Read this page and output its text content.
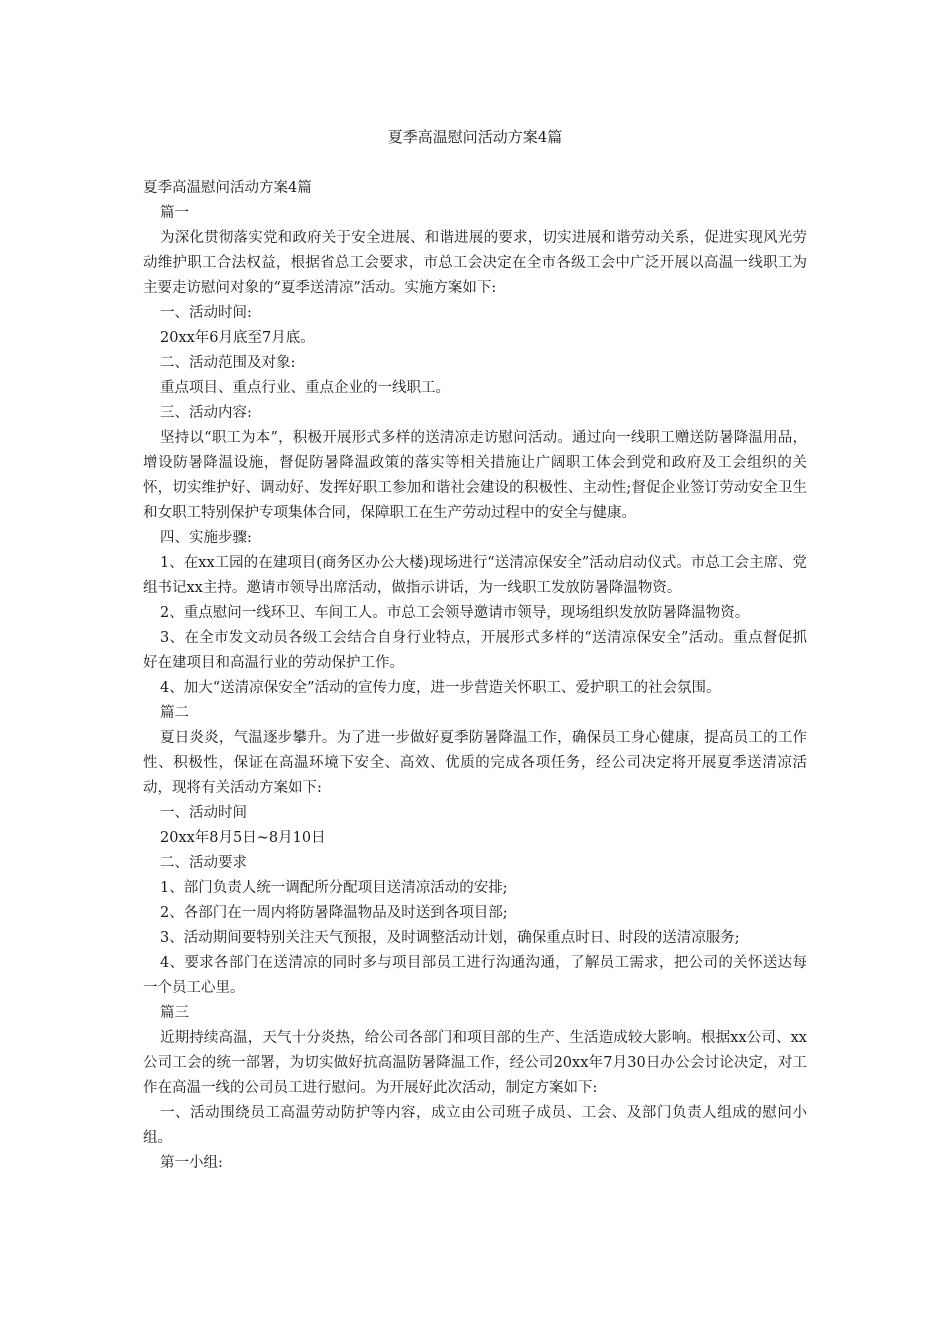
夏季高温慰问活动方案4篇

夏季高温慰问活动方案4篇

篇一

为深化贯彻落实党和政府关于安全进展、和谐进展的要求，切实进展和谐劳动关系，促进实现风光劳动维护职工合法权益，根据省总工会要求，市总工会决定在全市各级工会中广泛开展以高温一线职工为主要走访慰问对象的“夏季送清凉”活动。实施方案如下:

一、活动时间:

20xx年6月底至7月底。

二、活动范围及对象:

重点项目、重点行业、重点企业的一线职工。

三、活动内容:

坚持以“职工为本”，积极开展形式多样的送清凉走访慰问活动。通过向一线职工赠送防暑降温用品，增设防暑降温设施，督促防暑降温政策的落实等相关措施让广阔职工体会到党和政府及工会组织的关怀，切实维护好、调动好、发挥好职工参加和谐社会建设的积极性、主动性;督促企业签订劳动安全卫生和女职工特别保护专项集体合同，保障职工在生产劳动过程中的安全与健康。

四、实施步骤:

1、在xx工园的在建项目(商务区办公大楼)现场进行“送清凉保安全”活动启动仪式。市总工会主席、党组书记xx主持。邀请市领导出席活动，做指示讲话，为一线职工发放防暑降温物资。

2、重点慰问一线环卫、车间工人。市总工会领导邀请市领导，现场组织发放防暑降温物资。

3、在全市发文动员各级工会结合自身行业特点，开展形式多样的“送清凉保安全”活动。重点督促抓好在建项目和高温行业的劳动保护工作。

4、加大“送清凉保安全”活动的宣传力度，进一步营造关怀职工、爱护职工的社会氛围。

篇二

夏日炎炎，气温逐步攀升。为了进一步做好夏季防暑降温工作，确保员工身心健康，提高员工的工作性、积极性，保证在高温环境下安全、高效、优质的完成各项任务，经公司决定将开展夏季送清凉活动，现将有关活动方案如下:

一、活动时间

20xx年8月5日~8月10日

二、活动要求

1、部门负责人统一调配所分配项目送清凉活动的安排;

2、各部门在一周内将防暑降温物品及时送到各项目部;

3、活动期间要特别关注天气预报，及时调整活动计划，确保重点时日、时段的送清凉服务;

4、要求各部门在送清凉的同时多与项目部员工进行沟通沟通，了解员工需求，把公司的关怀送达每一个员工心里。

篇三

近期持续高温，天气十分炎热，给公司各部门和项目部的生产、生活造成较大影响。根据xx公司、xx公司工会的统一部署，为切实做好抗高温防暑降温工作，经公司20xx年7月30日办公会讨论决定，对工作在高温一线的公司员工进行慰问。为开展好此次活动，制定方案如下:

一、活动围绕员工高温劳动防护等内容，成立由公司班子成员、工会、及部门负责人组成的慰问小组。

第一小组:
